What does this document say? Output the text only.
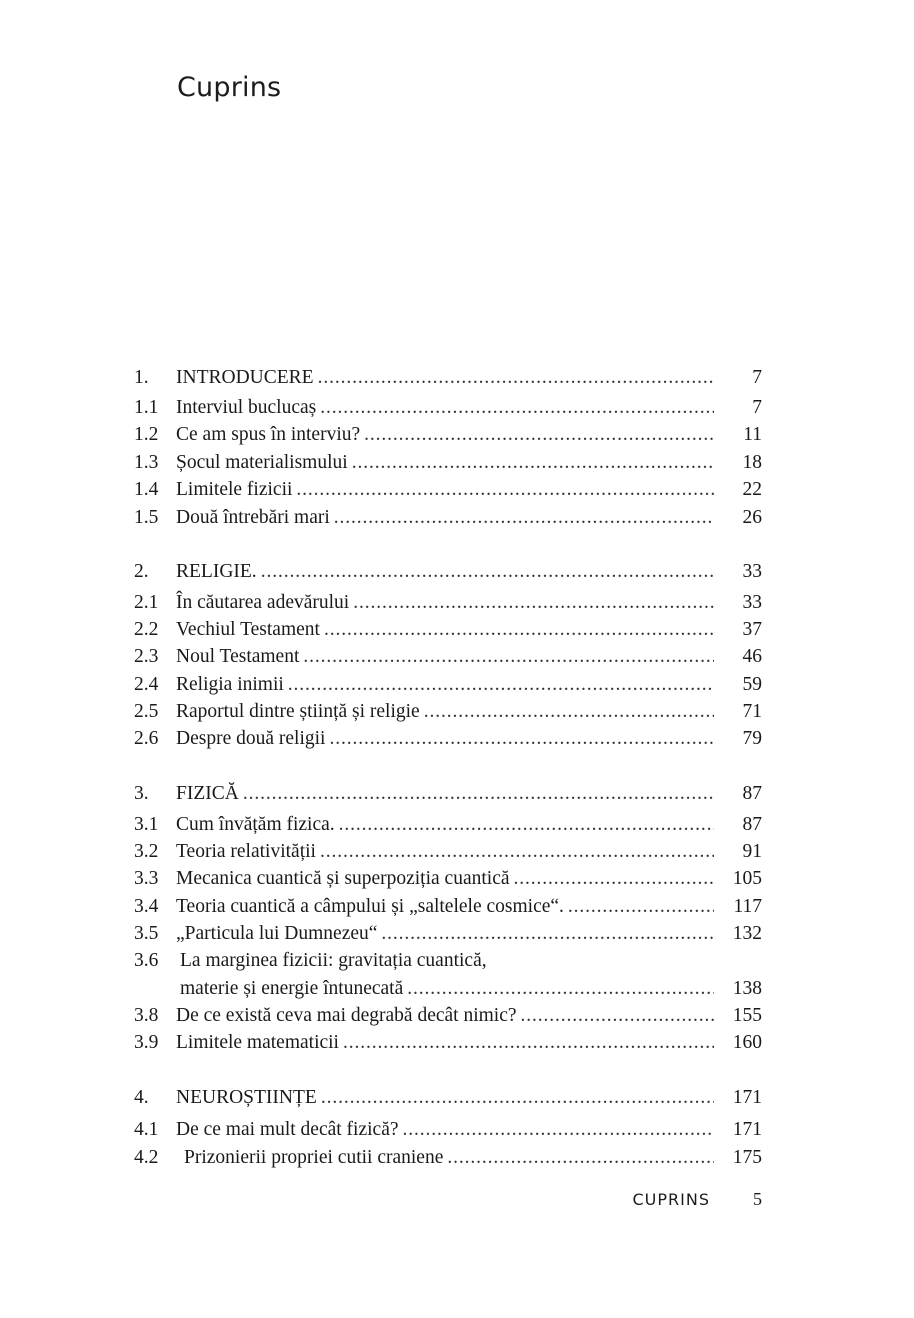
Cuprins
1.	INTRODUCERE . . .	7
1.1 Interviul buclucaș . . .	7
1.2 Ce am spus în interviu? . . .	11
1.3 Șocul materialismului . . .	18
1.4 Limitele fizicii . . .	22
1.5 Două întrebări mari . . .	26
2.	RELIGIE. . . .	33
2.1 În căutarea adevărului . . .	33
2.2 Vechiul Testament . . .	37
2.3 Noul Testament . . .	46
2.4 Religia inimii . . .	59
2.5 Raportul dintre știință și religie . . .	71
2.6 Despre două religii . . .	79
3.	FIZICĂ . . .	87
3.1 Cum învățăm fizica. . . .	87
3.2 Teoria relativității . . .	91
3.3 Mecanica cuantică și superpoziția cuantică . . .	105
3.4 Teoria cuantică a câmpului și „saltelele cosmice“. . . .	117
3.5 „Particula lui Dumnezeu“ . . .	132
3.6	La marginea fizicii: gravitația cuantică,
materie și energie întunecată . . .	138
3.8 De ce există ceva mai degrabă decât nimic? . . .	155
3.9 Limitele matematicii . . .	160
4.	NEUROȘTIINȚE . . .	171
4.1 De ce mai mult decât fizică? . . .	171
4.2	Prizonierii propriei cutii craniene . . .	175
CUPRINS	5
